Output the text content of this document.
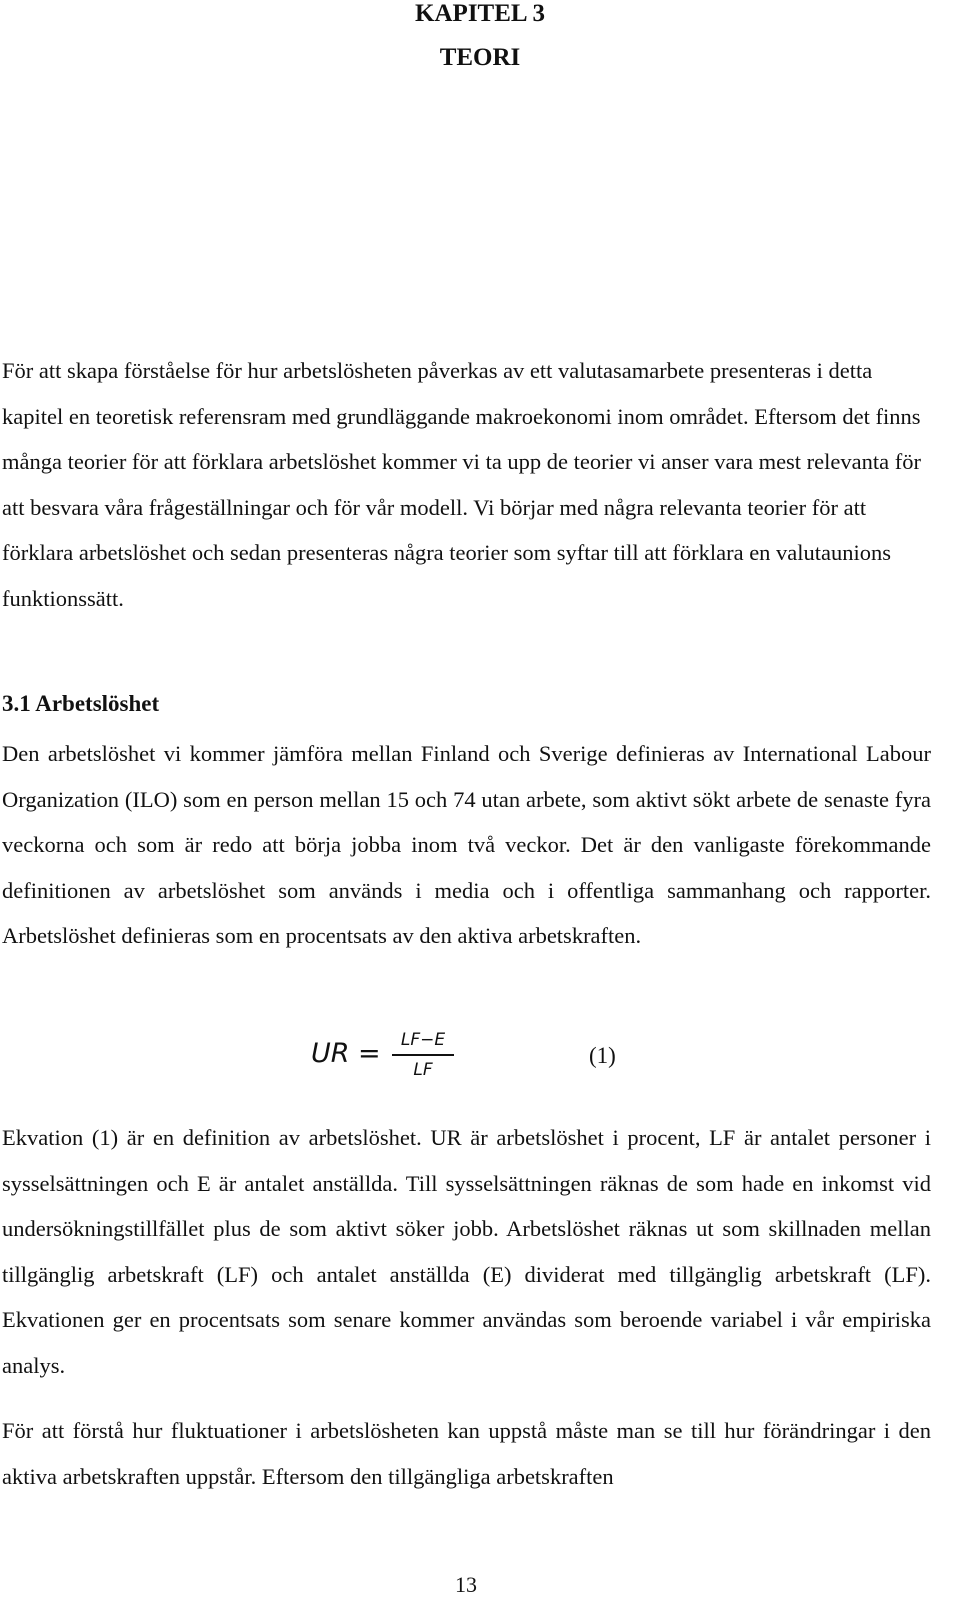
KAPITEL 3
TEORI

För att skapa förståelse för hur arbetslösheten påverkas av ett valutasamarbete presenteras i detta kapitel en teoretisk referensram med grundläggande makroekonomi inom området. Eftersom det finns många teorier för att förklara arbetslöshet kommer vi ta upp de teorier vi anser vara mest relevanta för att besvara våra frågeställningar och för vår modell. Vi börjar med några relevanta teorier för att förklara arbetslöshet och sedan presenteras några teorier som syftar till att förklara en valutaunions funktionssätt.

3.1 Arbetslöshet

Den arbetslöshet vi kommer jämföra mellan Finland och Sverige definieras av International Labour Organization (ILO) som en person mellan 15 och 74 utan arbete, som aktivt sökt arbete de senaste fyra veckorna och som är redo att börja jobba inom två veckor. Det är den vanligaste förekommande definitionen av arbetslöshet som används i media och i offentliga sammanhang och rapporter. Arbetslöshet definieras som en procentsats av den aktiva arbetskraften.

UR =	LF−E
LF
(1)

Ekvation (1) är en definition av arbetslöshet. UR är arbetslöshet i procent, LF är antalet personer i sysselsättningen och E är antalet anställda. Till sysselsättningen räknas de som hade en inkomst vid undersökningstillfället plus de som aktivt söker jobb. Arbetslöshet räknas ut som skillnaden mellan tillgänglig arbetskraft (LF) och antalet anställda (E) dividerat med tillgänglig arbetskraft (LF). Ekvationen ger en procentsats som senare kommer användas som beroende variabel i vår empiriska analys.

För att förstå hur fluktuationer i arbetslösheten kan uppstå måste man se till hur förändringar i den aktiva arbetskraften uppstår. Eftersom den tillgängliga arbetskraften

13
